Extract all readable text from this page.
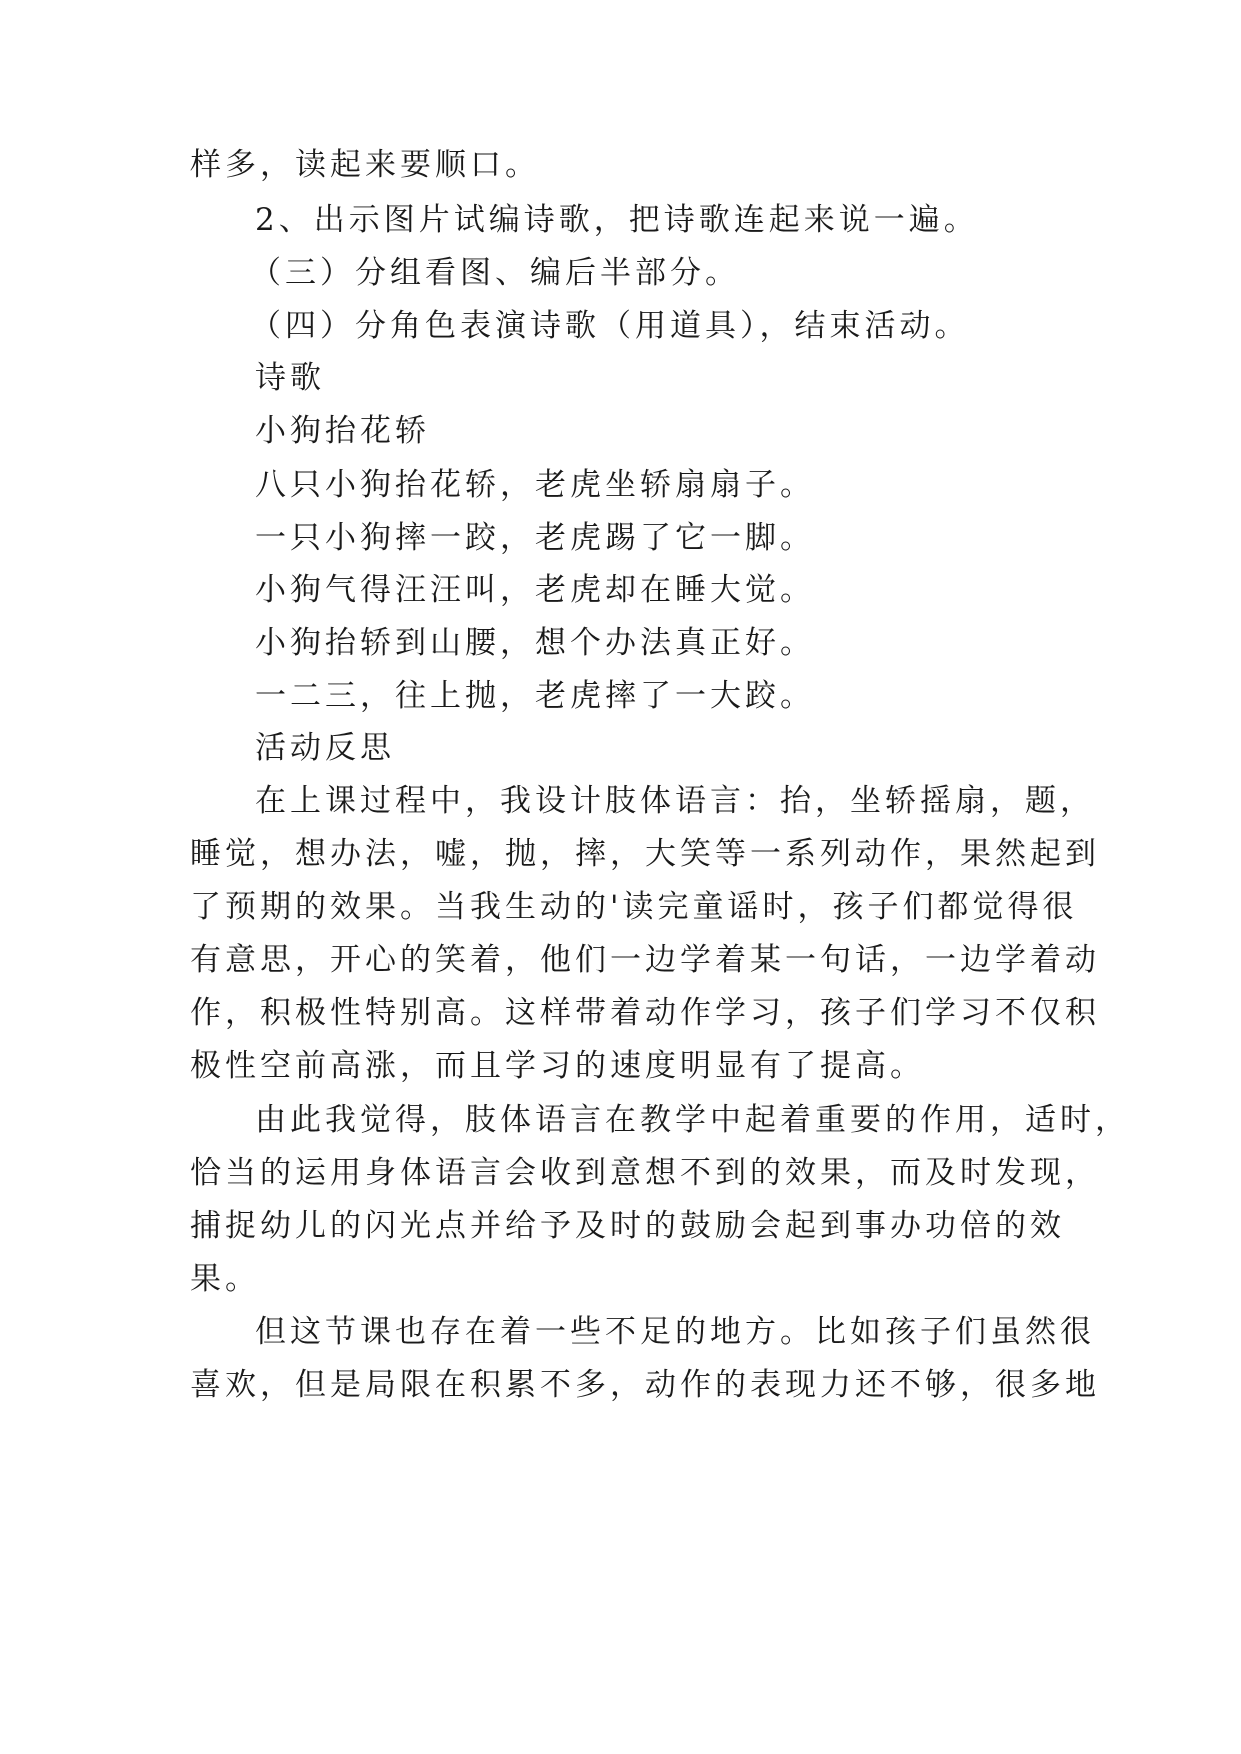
样多，读起来要顺口。
2、出示图片试编诗歌，把诗歌连起来说一遍。
（三）分组看图、编后半部分。
（四）分角色表演诗歌（用道具），结束活动。
诗歌
小狗抬花轿
八只小狗抬花轿，老虎坐轿扇扇子。
一只小狗摔一跤，老虎踢了它一脚。
小狗气得汪汪叫，老虎却在睡大觉。
小狗抬轿到山腰，想个办法真正好。
一二三，往上抛，老虎摔了一大跤。
活动反思
在上课过程中，我设计肢体语言：抬，坐轿摇扇，题，
睡觉，想办法，嘘，抛，摔，大笑等一系列动作，果然起到
了预期的效果。当我生动的'读完童谣时，孩子们都觉得很
有意思，开心的笑着，他们一边学着某一句话，一边学着动
作，积极性特别高。这样带着动作学习，孩子们学习不仅积
极性空前高涨，而且学习的速度明显有了提高。
由此我觉得，肢体语言在教学中起着重要的作用，适时，
恰当的运用身体语言会收到意想不到的效果，而及时发现，
捕捉幼儿的闪光点并给予及时的鼓励会起到事办功倍的效
果。
但这节课也存在着一些不足的地方。比如孩子们虽然很
喜欢，但是局限在积累不多，动作的表现力还不够，很多地
